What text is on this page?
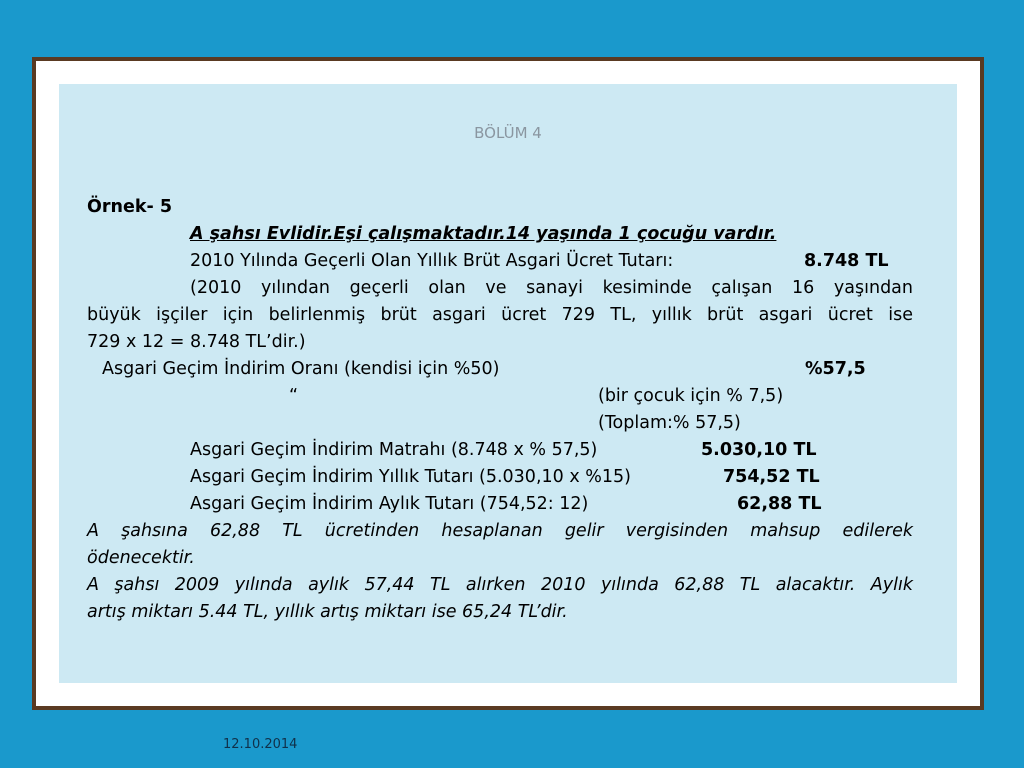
BÖLÜM 4
Örnek- 5
A şahsı Evlidir.Eşi çalışmaktadır.14 yaşında 1 çocuğu vardır.
2010 Yılında Geçerli Olan Yıllık Brüt Asgari Ücret Tutarı:	8.748 TL
(2010 yılından geçerli olan ve sanayi kesiminde çalışan 16 yaşından
büyük işçiler için belirlenmiş brüt asgari ücret 729 TL, yıllık brüt asgari ücret ise
729 x 12 = 8.748 TL’dir.)
Asgari Geçim İndirim Oranı (kendisi için %50)	%57,5
“	(bir çocuk için % 7,5)
(Toplam:% 57,5)
Asgari Geçim İndirim Matrahı (8.748 x % 57,5)	5.030,10 TL
Asgari Geçim İndirim Yıllık Tutarı (5.030,10 x %15)	754,52 TL
Asgari Geçim İndirim Aylık Tutarı (754,52: 12)	62,88 TL
A şahsına 62,88 TL ücretinden hesaplanan gelir vergisinden mahsup edilerek
ödenecektir.
A şahsı 2009 yılında aylık 57,44 TL alırken 2010 yılında 62,88 TL alacaktır. Aylık
artış miktarı 5.44 TL, yıllık artış miktarı ise 65,24 TL’dir.
12.10.2014
